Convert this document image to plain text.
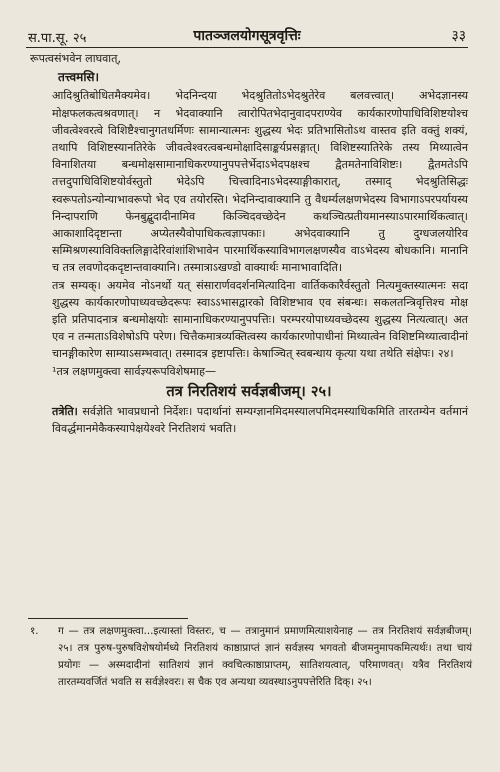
स.पा.सू. २५	पातञ्जलयोगसूत्रवृत्तिः	३३

रूपत्वसंभवेन लाघवात्,

तत्त्वमसि।

आदिश्रुतिबोधितमैक्यमेव। भेदनिन्दया भेदश्रुतितोऽभेदश्रुतेरेव बलवत्त्वात्। अभेदज्ञानस्य मोक्षफलकत्वश्रवणात्। न भेदवाक्यानि त्वारोपितभेदानुवादपराण्येव कार्यकारणोपाधिविशिष्टयोश्च जीवत्वेश्वरत्वे विशिष्टैश्चानुगतधर्मिणः सामान्यात्मनः शुद्धस्य भेदः प्रतिभासितोऽथ वास्तव इति वक्तुं शक्यं, तथापि विशिष्टस्यानतिरेके जीवत्वेश्वरत्वबन्धमोक्षादिसाङ्कर्यप्रसङ्गात्। विशिष्टस्यातिरेके तस्य मिथ्यात्वेन विनाशितया बन्धमोक्षसामानाधिकरण्यानुपपत्तेर्भेदाऽभेदपक्षश्च द्वैतमतेनाविशिष्टः। द्वैतमतेऽपि तत्तदुपाधिविशिष्टयोर्वस्तुतो भेदेऽपि चित्त्वादिनाऽभेदस्याङ्गीकारात्, तस्माद् भेदश्रुतिसिद्धः स्वरूपतोऽन्योन्याभावरूपो भेद एव तयोरस्ति। भेदनिन्दावाक्यानि तु वैधर्म्यलक्षणभेदस्य विभागाऽपरपर्यायस्य निन्दापराणि फेनबुद्बुदादीनामिव किञ्चिदवच्छेदेन कथञ्चित्प्रतीयमानस्याऽपारमार्थिकत्वात्। आकाशादिदृष्टान्ता अप्येतस्यैवोपाधिकत्वज्ञापकाः। अभेदवाक्यानि तु दुग्धजलयोरिव सम्मिश्रणस्याविविक्तलिङ्गादेरिवांशांशिभावेन पारमार्थिकस्याविभागलक्षणस्यैव वाऽभेदस्य बोधकानि। मानानि च तत्र लवणोदकदृष्टान्तवाक्यानि। तस्मात्राऽखण्डो वाक्यार्थः मानाभावादिति।

तत्र सम्यक्। अयमेव नोऽनर्थो यत् संसारार्णवदर्शनमित्यादिना वार्तिककारैर्वस्तुतो नित्यमुक्तस्यात्मनः सदा शुद्धस्य कार्यकारणोपाध्यवच्छेदरूपः स्वाऽऽभासद्वारको विशिष्टभाव एव संबन्धः। सकलतन्त्रिवृत्तिश्च मोक्ष इति प्रतिपादनात्र बन्धमोक्षयोः सामानाधिकरण्यानुपपत्तिः। परम्परयोपाध्यवच्छेदस्य शुद्धस्य नित्यत्वात्। अत एव न तन्मताऽविशेषोऽपि परेण। चित्तैकमात्रव्यक्तित्वस्य कार्यकारणोपाधीनां मिथ्यात्वेन विशिष्टमिथ्यात्वादीनां चानङ्गीकारेण साम्याऽसम्भवात्। तस्मादत्र इष्टापत्तिः। केषाञ्चित् स्वबन्धाय कृत्या यथा तथेति संक्षेपः। २४।

¹तत्र लक्षणमुक्त्वा सार्वज्ञ्यरूपविशेषमाह—

तत्र निरतिशयं सर्वज्ञबीजम्। २५।

तत्रेति। सर्वज्ञेति भावप्रधानो निर्देशः। पदार्थानां सम्यग्ज्ञानमिदमस्यालपमिदमस्याधिकमिति तारतम्येन वर्तमानं विवर्द्धमानमेकैकस्यापेक्षयेश्वरे निरतिशयं भवति।

१. ग — तत्र लक्षणमुक्त्वा...इत्यास्तां विस्तरः, च — तत्रानुमानं प्रमाणमित्याशयेनाह — तत्र निरतिशयं सर्वज्ञबीजम्। २५। तत्र पुरुष-पुरुषविशेषयोर्मध्ये निरतिशयं काष्ठाप्राप्तं ज्ञानं सर्वज्ञस्य भगवतो बीजमनुमापकमित्यर्थः। तथा चायं प्रयोगः — अस्मदादीनां सातिशयं ज्ञानं क्वचित्काष्ठाप्राप्तम्, सातिशयत्वात्, परिमाणवत्। यत्रैव निरतिशयं तारतम्यवर्जितं भवति स सर्वज्ञेश्वरः। स चैक एव अन्यथा व्यवस्थाऽनुपपत्तेरिति दिक्। २५।
